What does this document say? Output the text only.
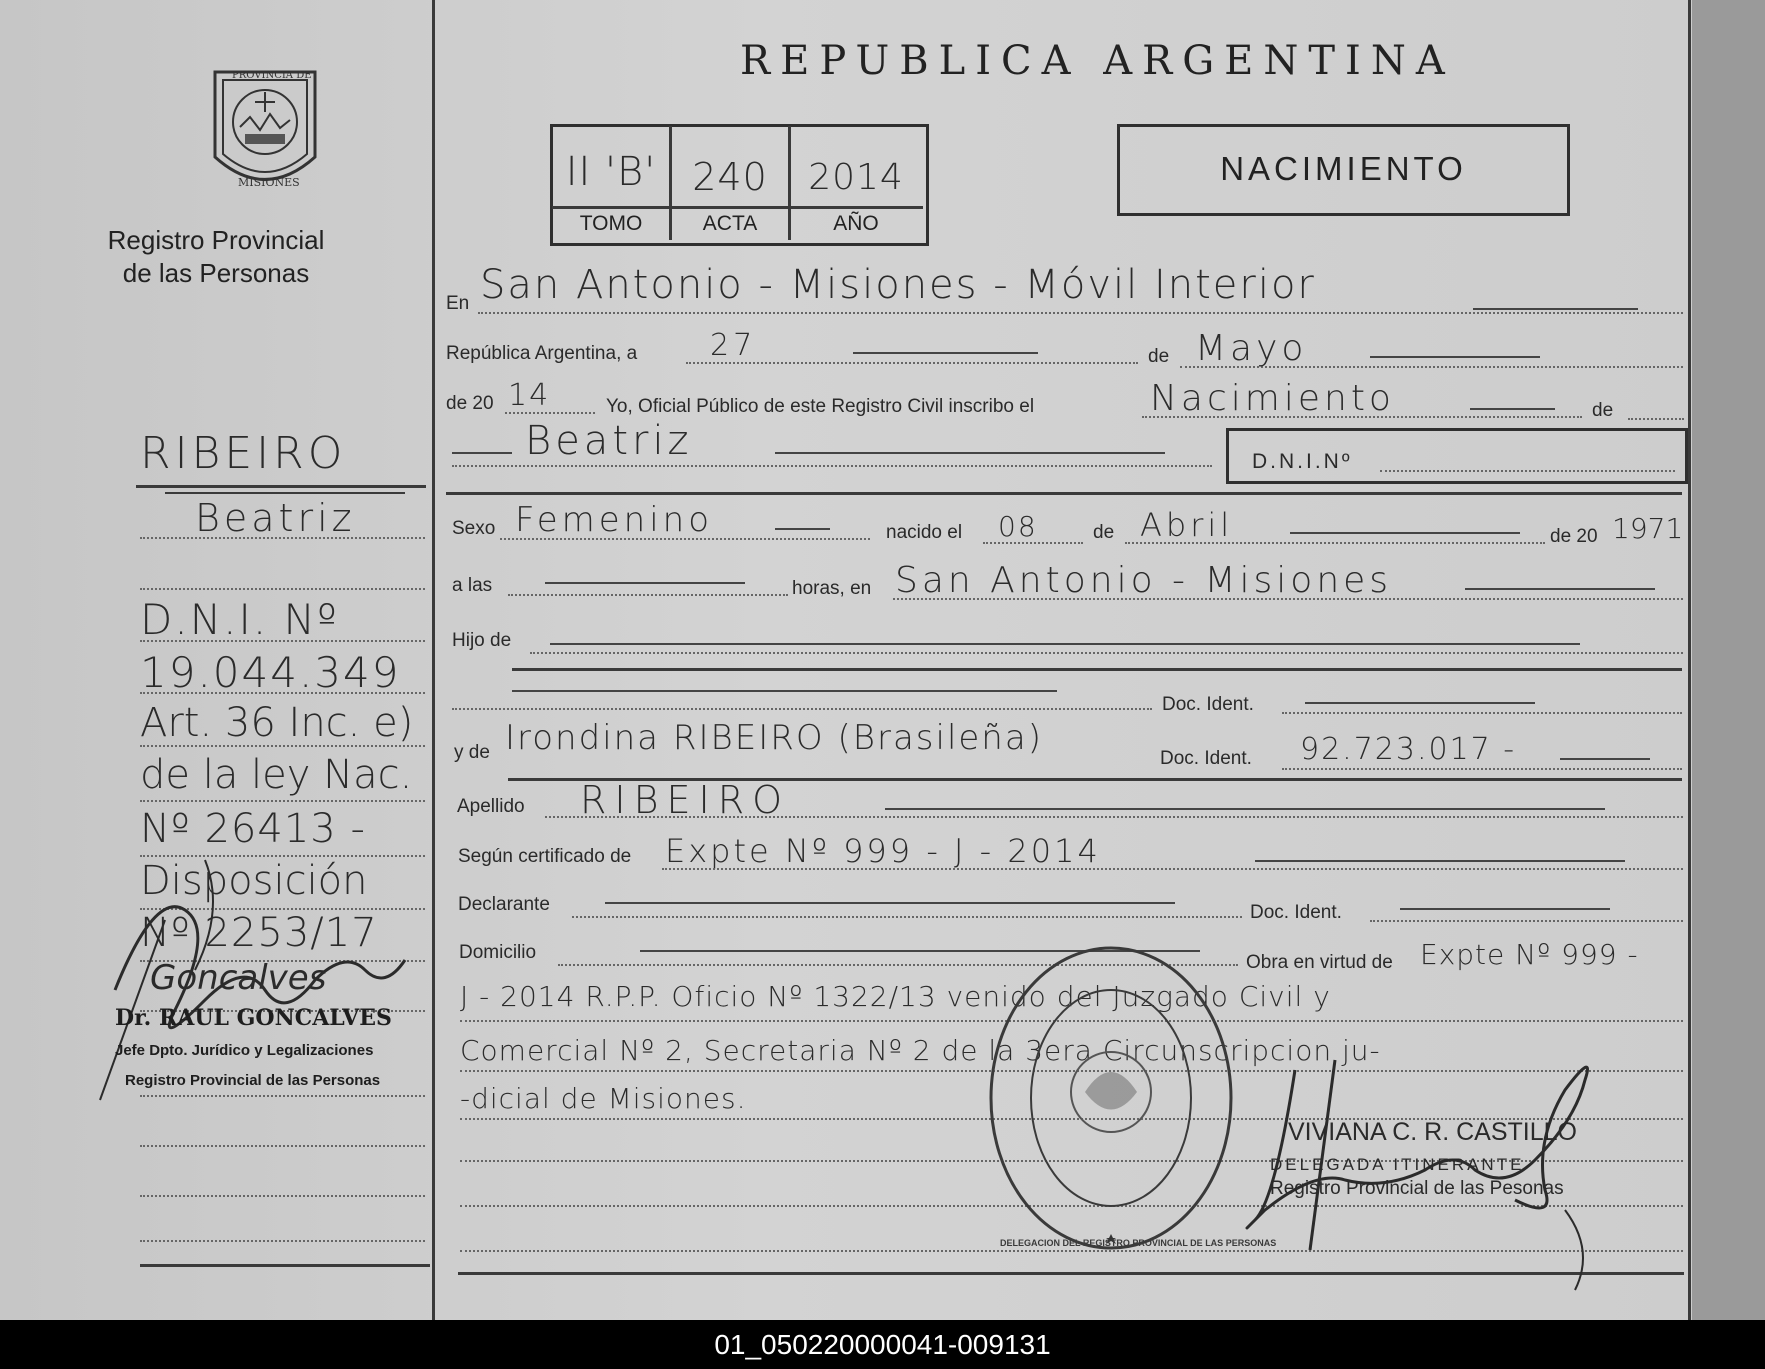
PROVINCIA DE
MISIONES
Registro Provincial
de las Personas
RIBEIRO
Beatriz
D.N.I. Nº
19.044.349
Art. 36 Inc. e)
de la ley Nac.
Nº 26413 -
Disposición
Nº 2253/17
Goncalves
Dr. RAUL GONCALVES
Jefe Dpto. Jurídico y Legalizaciones
Registro Provincial de las Personas
REPUBLICA ARGENTINA
II 'B' 240	2014
TOMO	ACTA	AÑO
NACIMIENTO
En San Antonio - Misiones - Móvil Interior
República Argentina, a 27	de Mayo
de 20 14	Yo, Oficial Público de este Registro Civil inscribo el	Nacimiento	de
Beatriz	D.N.I.Nº
Sexo Femenino	nacido el 08	de Abril	de 20 1971
a las	horas, en San Antonio - Misiones
Hijo de
Doc. Ident.
y de Irondina RIBEIRO (Brasileña)
Doc. Ident. 92.723.017 -
Apellido RIBEIRO
Según certificado de Expte Nº 999 - J - 2014
Declarante	Doc. Ident.
Domicilio	Obra en virtud de Expte Nº 999 -
J - 2014 R.P.P. Oficio Nº 1322/13 venido del Juzgado Civil y
Comercial Nº 2, Secretaria Nº 2 de la 3era Circunscripcion ju-
-dicial de Misiones.
DELEGACION DEL REGISTRO PROVINCIAL DE LAS PERSONAS
VIVIANA C. R. CASTILLO
DELEGADA ITINERANTE
Registro Provincial de las Pesonas
01_050220000041-009131
